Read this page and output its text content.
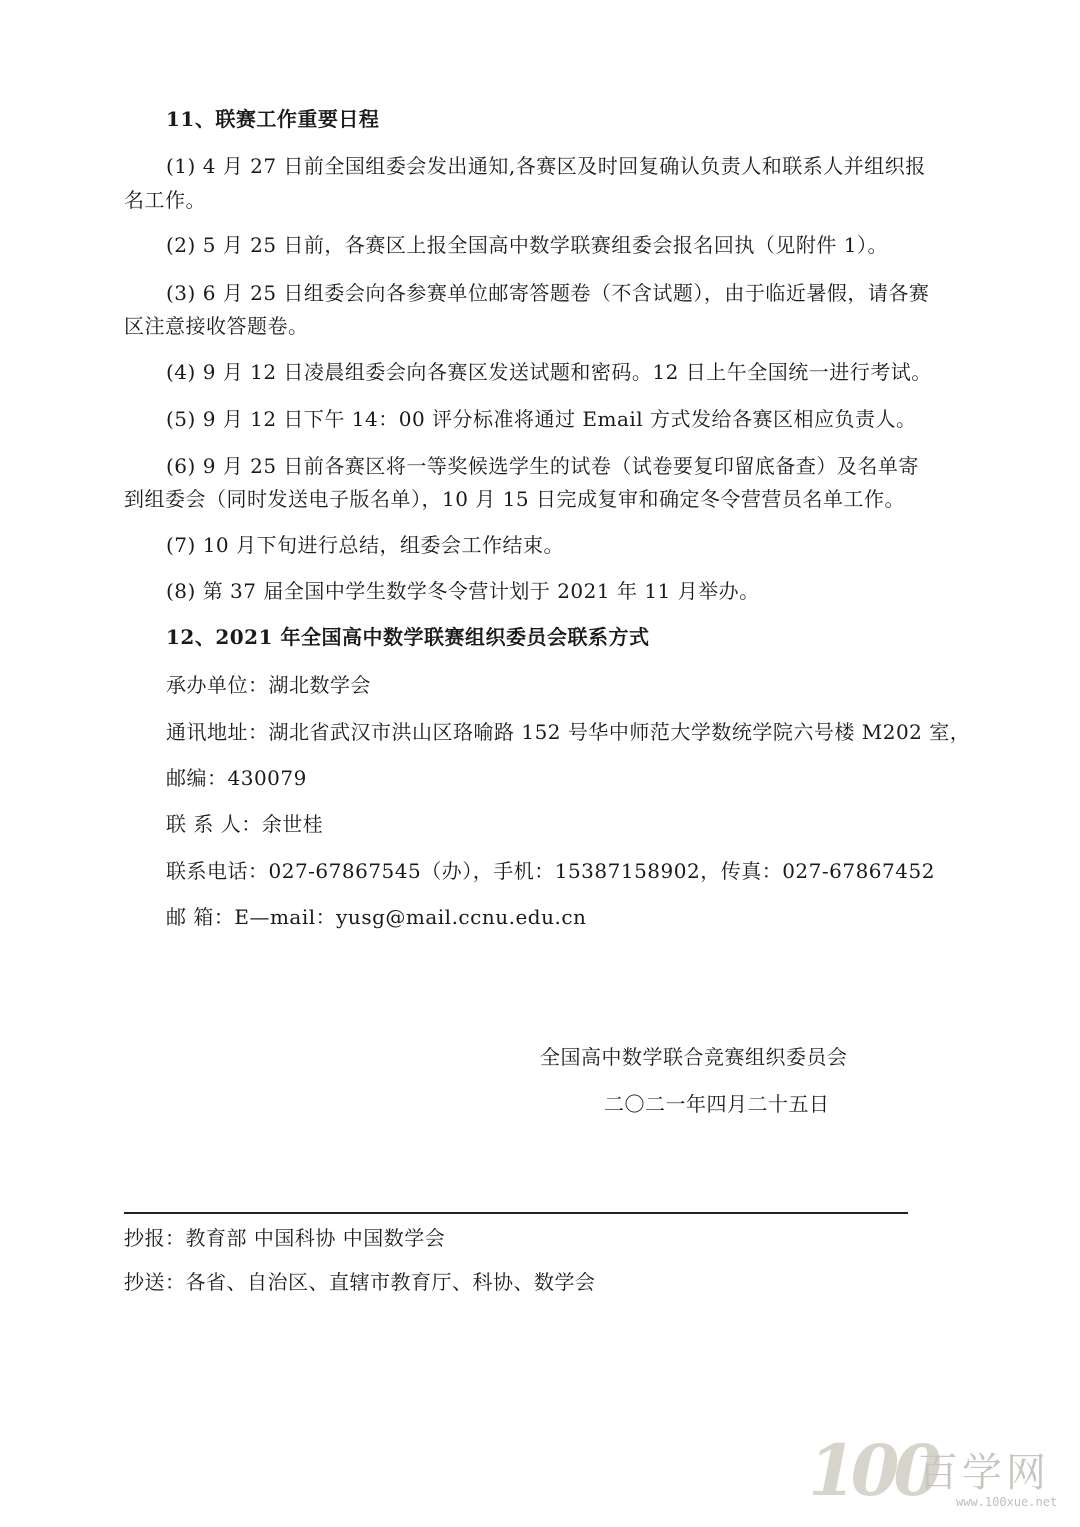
11、联赛工作重要日程
(1) 4 月 27 日前全国组委会发出通知,各赛区及时回复确认负责人和联系人并组织报
名工作。
(2) 5 月 25 日前，各赛区上报全国高中数学联赛组委会报名回执（见附件 1）。
(3) 6 月 25 日组委会向各参赛单位邮寄答题卷（不含试题），由于临近暑假，请各赛
区注意接收答题卷。
(4) 9 月 12 日凌晨组委会向各赛区发送试题和密码。12 日上午全国统一进行考试。
(5) 9 月 12 日下午 14：00 评分标准将通过 Email 方式发给各赛区相应负责人。
(6) 9 月 25 日前各赛区将一等奖候选学生的试卷（试卷要复印留底备查）及名单寄
到组委会（同时发送电子版名单），10 月 15 日完成复审和确定冬令营营员名单工作。
(7) 10 月下旬进行总结，组委会工作结束。
(8) 第 37 届全国中学生数学冬令营计划于 2021 年 11 月举办。
12、2021 年全国高中数学联赛组织委员会联系方式
承办单位：湖北数学会
通讯地址：湖北省武汉市洪山区珞喻路 152 号华中师范大学数统学院六号楼 M202 室，
邮编：430079
联 系 人：余世桂
联系电话：027-67867545（办），手机：15387158902，传真：027-67867452
邮 箱：E—mail：yusg@mail.ccnu.edu.cn
全国高中数学联合竞赛组织委员会
二〇二一年四月二十五日
抄报：教育部 中国科协 中国数学会
抄送：各省、自治区、直辖市教育厅、科协、数学会
100
百学网
www.100xue.net
